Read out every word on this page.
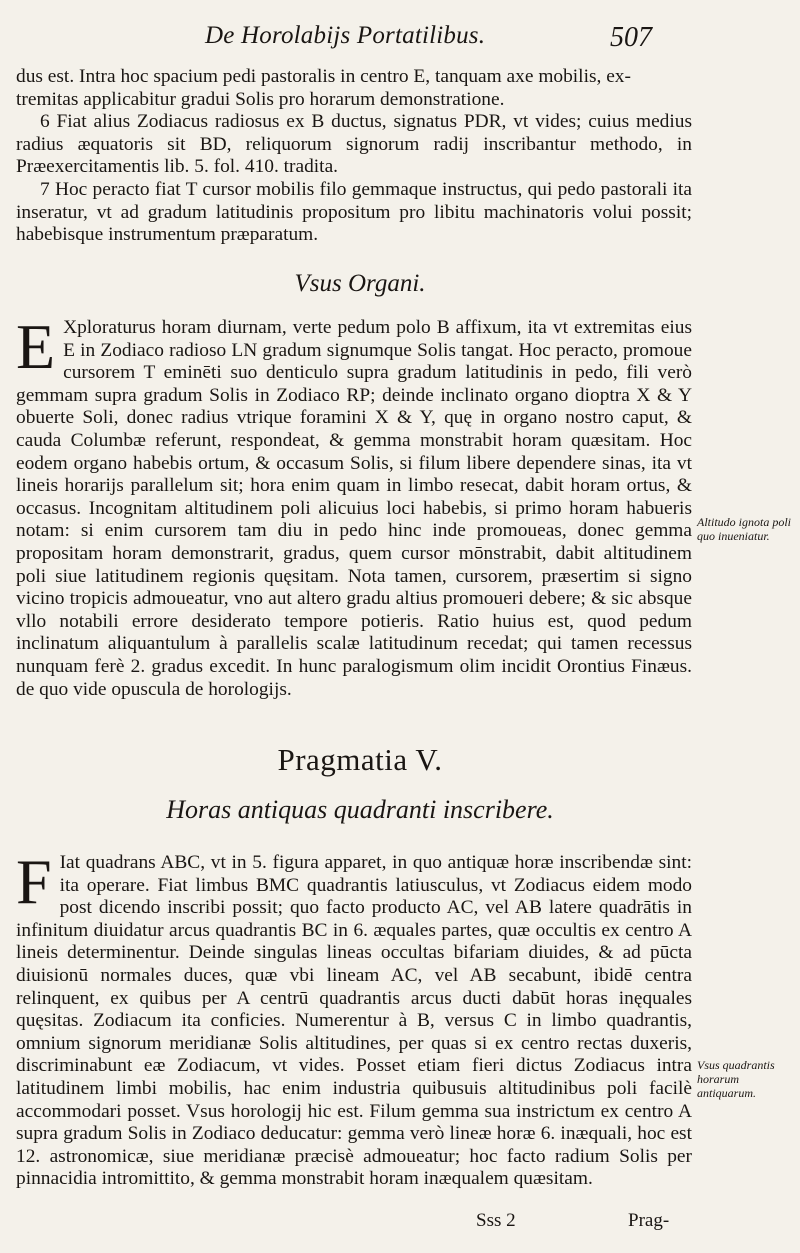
De Horolabijs Portatilibus.	507

dus est. Intra hoc spacium pedi pastoralis in centro E, tanquam axe mobilis, ex-

tremitas applicabitur gradui Solis pro horarum demonstratione.

6 Fiat alius Zodiacus radiosus ex B ductus, signatus PDR, vt vides; cuius medius radius æquatoris sit BD, reliquorum signorum radij inscribantur methodo, in Præexercitamentis lib. 5. fol. 410. tradita.

7 Hoc peracto fiat T cursor mobilis filo gemmaque instructus, qui pedo pastorali ita inseratur, vt ad gradum latitudinis propositum pro libitu machinatoris volui possit; habebisque instrumentum præparatum.

Vsus Organi.
E Xploraturus horam diurnam, verte pedum polo B affixum, ita vt extremitas eius E in Zodiaco radioso LN gradum signumque Solis tangat. Hoc peracto, promoue cursorem T eminēti suo denticulo supra gradum latitudinis in pedo, fili verò gemmam supra gradum Solis in Zodiaco RP; deinde inclinato organo dioptra X & Y obuerte Soli, donec radius vtrique foramini X & Y, quę in organo nostro caput, & cauda Columbæ referunt, respondeat, & gemma monstrabit horam quæsitam. Hoc eodem organo habebis ortum, & occasum Solis, si filum libere dependere sinas, ita vt lineis horarijs parallelum sit; hora enim quam in limbo resecat, dabit horam ortus, & occasus. Incognitam altitudinem poli alicuius loci habebis, si primo horam habueris notam: si enim cursorem tam diu in pedo hinc inde promoueas, donec gemma propositam horam demonstrarit, gradus, quem cursor mōnstrabit, dabit altitudinem poli siue latitudinem regionis quęsitam. Nota tamen, cursorem, præsertim si signo vicino tropicis admoueatur, vno aut altero gradu altius promoueri debere; & sic absque vllo notabili errore desiderato tempore potieris. Ratio huius est, quod pedum inclinatum aliquantulum à parallelis scalæ latitudinum recedat; qui tamen recessus nunquam ferè 2. gradus excedit. In hunc paralogismum olim incidit Orontius Finæus. de quo vide opuscula de horologijs.
Altitudo ignota poli quo inueniatur.
Pragmatia V.
Horas antiquas quadranti inscribere.
F Iat quadrans ABC, vt in 5. figura apparet, in quo antiquæ horæ inscribendæ sint: ita operare. Fiat limbus BMC quadrantis latiusculus, vt Zodiacus eidem modo post dicendo inscribi possit; quo facto producto AC, vel AB latere quadrātis in infinitum diuidatur arcus quadrantis BC in 6. æquales partes, quæ occultis ex centro A lineis determinentur. Deinde singulas lineas occultas bifariam diuides, & ad pūcta diuisionū normales duces, quæ vbi lineam AC, vel AB secabunt, ibidē centra relinquent, ex quibus per A centrū quadrantis arcus ducti dabūt horas inęquales quęsitas. Zodiacum ita conficies. Numerentur à B, versus C in limbo quadrantis, omnium signorum meridianæ Solis altitudines, per quas si ex centro rectas duxeris, discriminabunt eæ Zodiacum, vt vides. Posset etiam fieri dictus Zodiacus intra latitudinem limbi mobilis, hac enim industria quibusuis altitudinibus poli facilè accommodari posset. Vsus horologij hic est. Filum gemma sua instrictum ex centro A supra gradum Solis in Zodiaco deducatur: gemma verò lineæ horæ 6. inæquali, hoc est 12. astronomicæ, siue meridianæ præcisè admoueatur; hoc facto radium Solis per pinnacidia intromittito, & gemma monstrabit horam inæqualem quæsitam.
Vsus quadrantis horarum antiquarum.
Sss 2	Prag-
